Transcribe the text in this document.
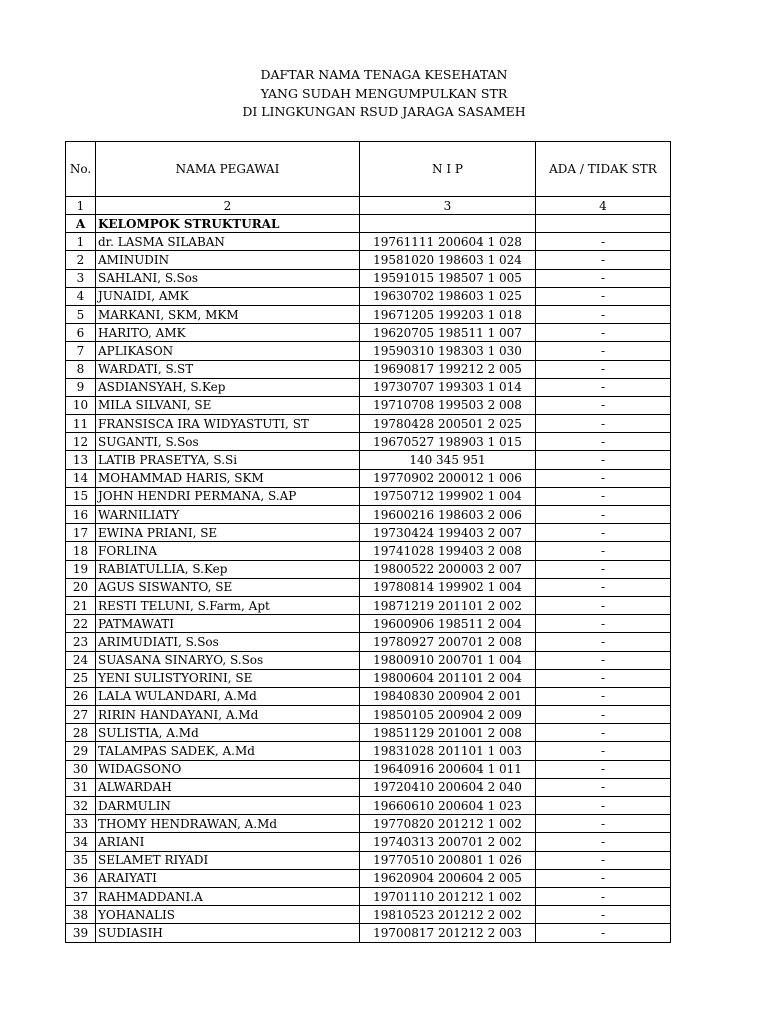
DAFTAR NAMA TENAGA KESEHATAN
YANG SUDAH MENGUMPULKAN STR
DI LINGKUNGAN RSUD JARAGA SASAMEH
No.	NAMA PEGAWAI	N I P	ADA / TIDAK STR
1	2	3	4
A	KELOMPOK STRUKTURAL		
1	dr. LASMA SILABAN	19761111 200604 1 028	-
2	AMINUDIN	19581020 198603 1 024	-
3	SAHLANI, S.Sos	19591015 198507 1 005	-
4	JUNAIDI, AMK	19630702 198603 1 025	-
5	MARKANI, SKM, MKM	19671205 199203 1 018	-
6	HARITO, AMK	19620705 198511 1 007	-
7	APLIKASON	19590310 198303 1 030	-
8	WARDATI, S.ST	19690817 199212 2 005	-
9	ASDIANSYAH, S.Kep	19730707 199303 1 014	-
10	MILA SILVANI, SE	19710708 199503 2 008	-
11	FRANSISCA IRA WIDYASTUTI, ST	19780428 200501 2 025	-
12	SUGANTI, S.Sos	19670527 198903 1 015	-
13	LATIB PRASETYA, S.Si	140 345 951	-
14	MOHAMMAD HARIS, SKM	19770902 200012 1 006	-
15	JOHN HENDRI PERMANA, S.AP	19750712 199902 1 004	-
16	WARNILIATY	19600216 198603 2 006	-
17	EWINA PRIANI, SE	19730424 199403 2 007	-
18	FORLINA	19741028 199403 2 008	-
19	RABIATULLIA, S.Kep	19800522 200003 2 007	-
20	AGUS SISWANTO, SE	19780814 199902 1 004	-
21	RESTI TELUNI, S.Farm, Apt	19871219 201101 2 002	-
22	PATMAWATI	19600906 198511 2 004	-
23	ARIMUDIATI, S.Sos	19780927 200701 2 008	-
24	SUASANA SINARYO, S.Sos	19800910 200701 1 004	-
25	YENI SULISTYORINI, SE	19800604 201101 2 004	-
26	LALA WULANDARI, A.Md	19840830 200904 2 001	-
27	RIRIN HANDAYANI, A.Md	19850105 200904 2 009	-
28	SULISTIA, A.Md	19851129 201001 2 008	-
29	TALAMPAS SADEK, A.Md	19831028 201101 1 003	-
30	WIDAGSONO	19640916 200604 1 011	-
31	ALWARDAH	19720410 200604 2 040	-
32	DARMULIN	19660610 200604 1 023	-
33	THOMY HENDRAWAN, A.Md	19770820 201212 1 002	-
34	ARIANI	19740313 200701 2 002	-
35	SELAMET RIYADI	19770510 200801 1 026	-
36	ARAIYATI	19620904 200604 2 005	-
37	RAHMADDANI.A	19701110 201212 1 002	-
38	YOHANALIS	19810523 201212 2 002	-
39	SUDIASIH	19700817 201212 2 003	-
